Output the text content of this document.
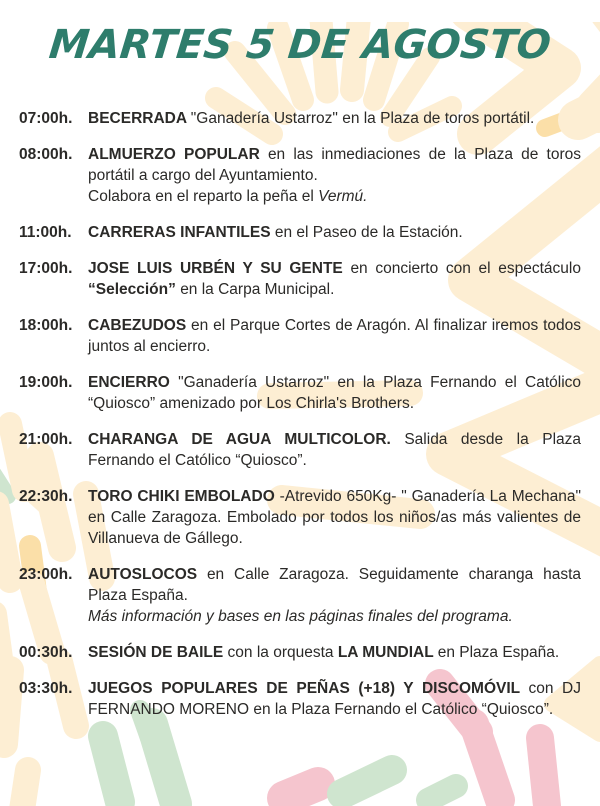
MARTES 5 DE AGOSTO
07:00h.	BECERRADA "Ganadería Ustarroz" en la Plaza de toros portátil.
08:00h.	ALMUERZO POPULAR en las inmediaciones de la Plaza de toros portátil a cargo del Ayuntamiento.
Colabora en el reparto la peña el Vermú.
11:00h.	CARRERAS INFANTILES en el Paseo de la Estación.
17:00h.	JOSE LUIS URBÉN Y SU GENTE en concierto con el espectáculo “Selección” en la Carpa Municipal.
18:00h.	CABEZUDOS en el Parque Cortes de Aragón. Al finalizar iremos todos juntos al encierro.
19:00h.	ENCIERRO "Ganadería Ustarroz" en la Plaza Fernando el Católico “Quiosco” amenizado por Los Chirla's Brothers.
21:00h.	CHARANGA DE AGUA MULTICOLOR. Salida desde la Plaza Fernando el Católico “Quiosco”.
22:30h.	TORO CHIKI EMBOLADO -Atrevido 650Kg- " Ganadería La Mechana" en Calle Zaragoza. Embolado por todos los niños/as más valientes de Villanueva de Gállego.
23:00h.	AUTOSLOCOS en Calle Zaragoza. Seguidamente charanga hasta Plaza España.
Más información y bases en las páginas finales del programa.
00:30h.	SESIÓN DE BAILE con la orquesta LA MUNDIAL en Plaza España.
03:30h.	JUEGOS POPULARES DE PEÑAS (+18) Y DISCOMÓVIL con DJ FERNANDO MORENO en la Plaza Fernando el Católico “Quiosco”.
